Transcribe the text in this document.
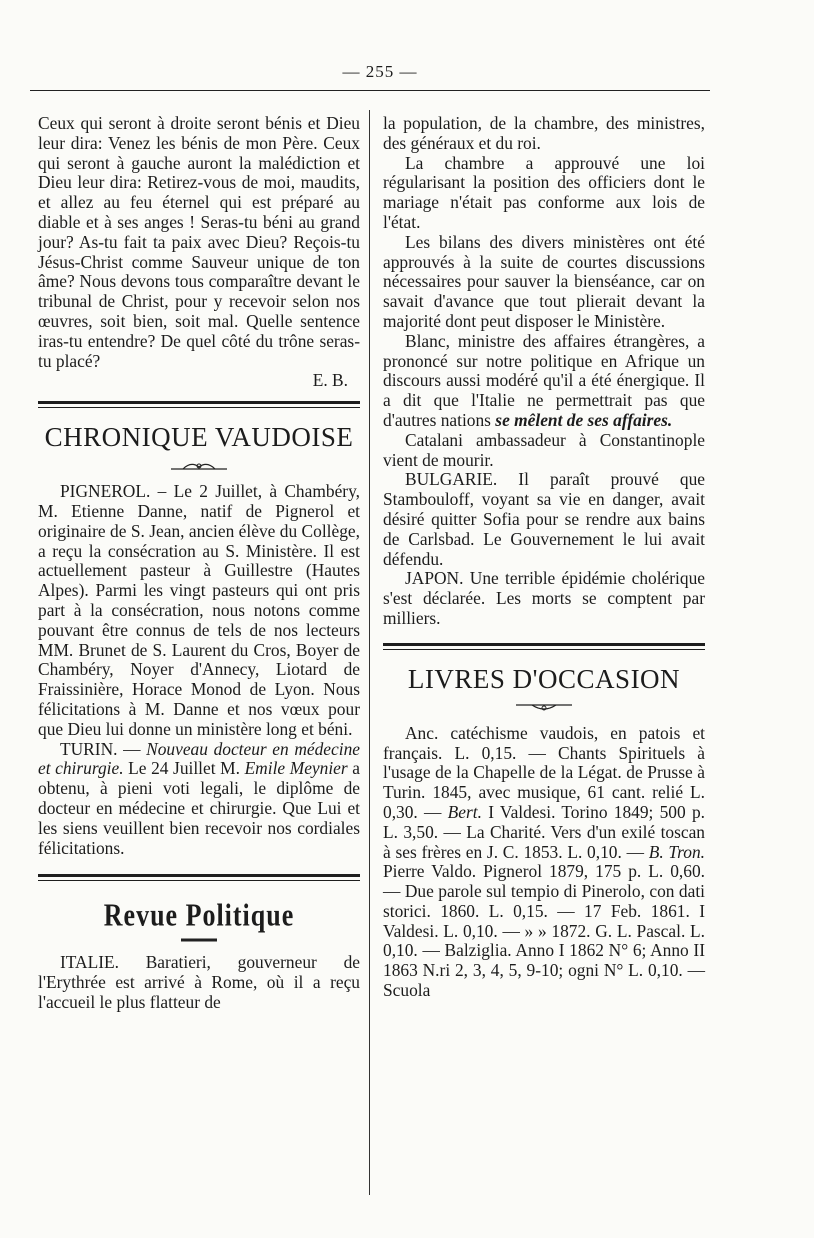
— 255 —

Ceux qui seront à droite seront bénis et Dieu leur dira: Venez les bénis de mon Père. Ceux qui seront à gauche auront la malédiction et Dieu leur dira: Retirez-vous de moi, maudits, et allez au feu éternel qui est préparé au diable et à ses anges ! Seras-tu béni au grand jour? As-tu fait ta paix avec Dieu? Reçois-tu Jésus-Christ comme Sauveur unique de ton âme? Nous devons tous comparaître devant le tribunal de Christ, pour y recevoir selon nos œuvres, soit bien, soit mal. Quelle sentence iras-tu entendre? De quel côté du trône seras-tu placé?

E. B.

CHRONIQUE VAUDOISE

PIGNEROL. – Le 2 Juillet, à Chambéry, M. Etienne Danne, natif de Pignerol et originaire de S. Jean, ancien élève du Collège, a reçu la consécration au S. Ministère. Il est actuellement pasteur à Guillestre (Hautes Alpes). Parmi les vingt pasteurs qui ont pris part à la consécration, nous notons comme pouvant être connus de tels de nos lecteurs MM. Brunet de S. Laurent du Cros, Boyer de Chambéry, Noyer d'Annecy, Liotard de Fraissinière, Horace Monod de Lyon. Nous félicitations à M. Danne et nos vœux pour que Dieu lui donne un ministère long et béni.

TURIN. — Nouveau docteur en médecine et chirurgie. Le 24 Juillet M. Emile Meynier a obtenu, à pieni voti legali, le diplôme de docteur en médecine et chirurgie. Que Lui et les siens veuillent bien recevoir nos cordiales félicitations.

Revue Politique

ITALIE. Baratieri, gouverneur de l'Erythrée est arrivé à Rome, où il a reçu l'accueil le plus flatteur de

la population, de la chambre, des ministres, des généraux et du roi.

La chambre a approuvé une loi régularisant la position des officiers dont le mariage n'était pas conforme aux lois de l'état.

Les bilans des divers ministères ont été approuvés à la suite de courtes discussions nécessaires pour sauver la bienséance, car on savait d'avance que tout plierait devant la majorité dont peut disposer le Ministère.

Blanc, ministre des affaires étrangères, a prononcé sur notre politique en Afrique un discours aussi modéré qu'il a été énergique. Il a dit que l'Italie ne permettrait pas que d'autres nations se mêlent de ses affaires.

Catalani ambassadeur à Constantinople vient de mourir.

BULGARIE. Il paraît prouvé que Stambouloff, voyant sa vie en danger, avait désiré quitter Sofia pour se rendre aux bains de Carlsbad. Le Gouvernement le lui avait défendu.

JAPON. Une terrible épidémie cholérique s'est déclarée. Les morts se comptent par milliers.

LIVRES D'OCCASION

Anc. catéchisme vaudois, en patois et français. L. 0,15. — Chants Spirituels à l'usage de la Chapelle de la Légat. de Prusse à Turin. 1845, avec musique, 61 cant. relié L. 0,30. — Bert. I Valdesi. Torino 1849; 500 p. L. 3,50. — La Charité. Vers d'un exilé toscan à ses frères en J. C. 1853. L. 0,10. — B. Tron.Pierre Valdo. Pignerol 1879, 175 p. L. 0,60. — Due parole sul tempio di Pinerolo, con dati storici. 1860. L. 0,15. — 17 Feb. 1861. I Valdesi. L. 0,10. — » » 1872. G. L. Pascal. L. 0,10. — Balziglia. Anno I 1862 N° 6; Anno II 1863 N.ri 2, 3, 4, 5, 9-10; ogni N° L. 0,10. — Scuola
